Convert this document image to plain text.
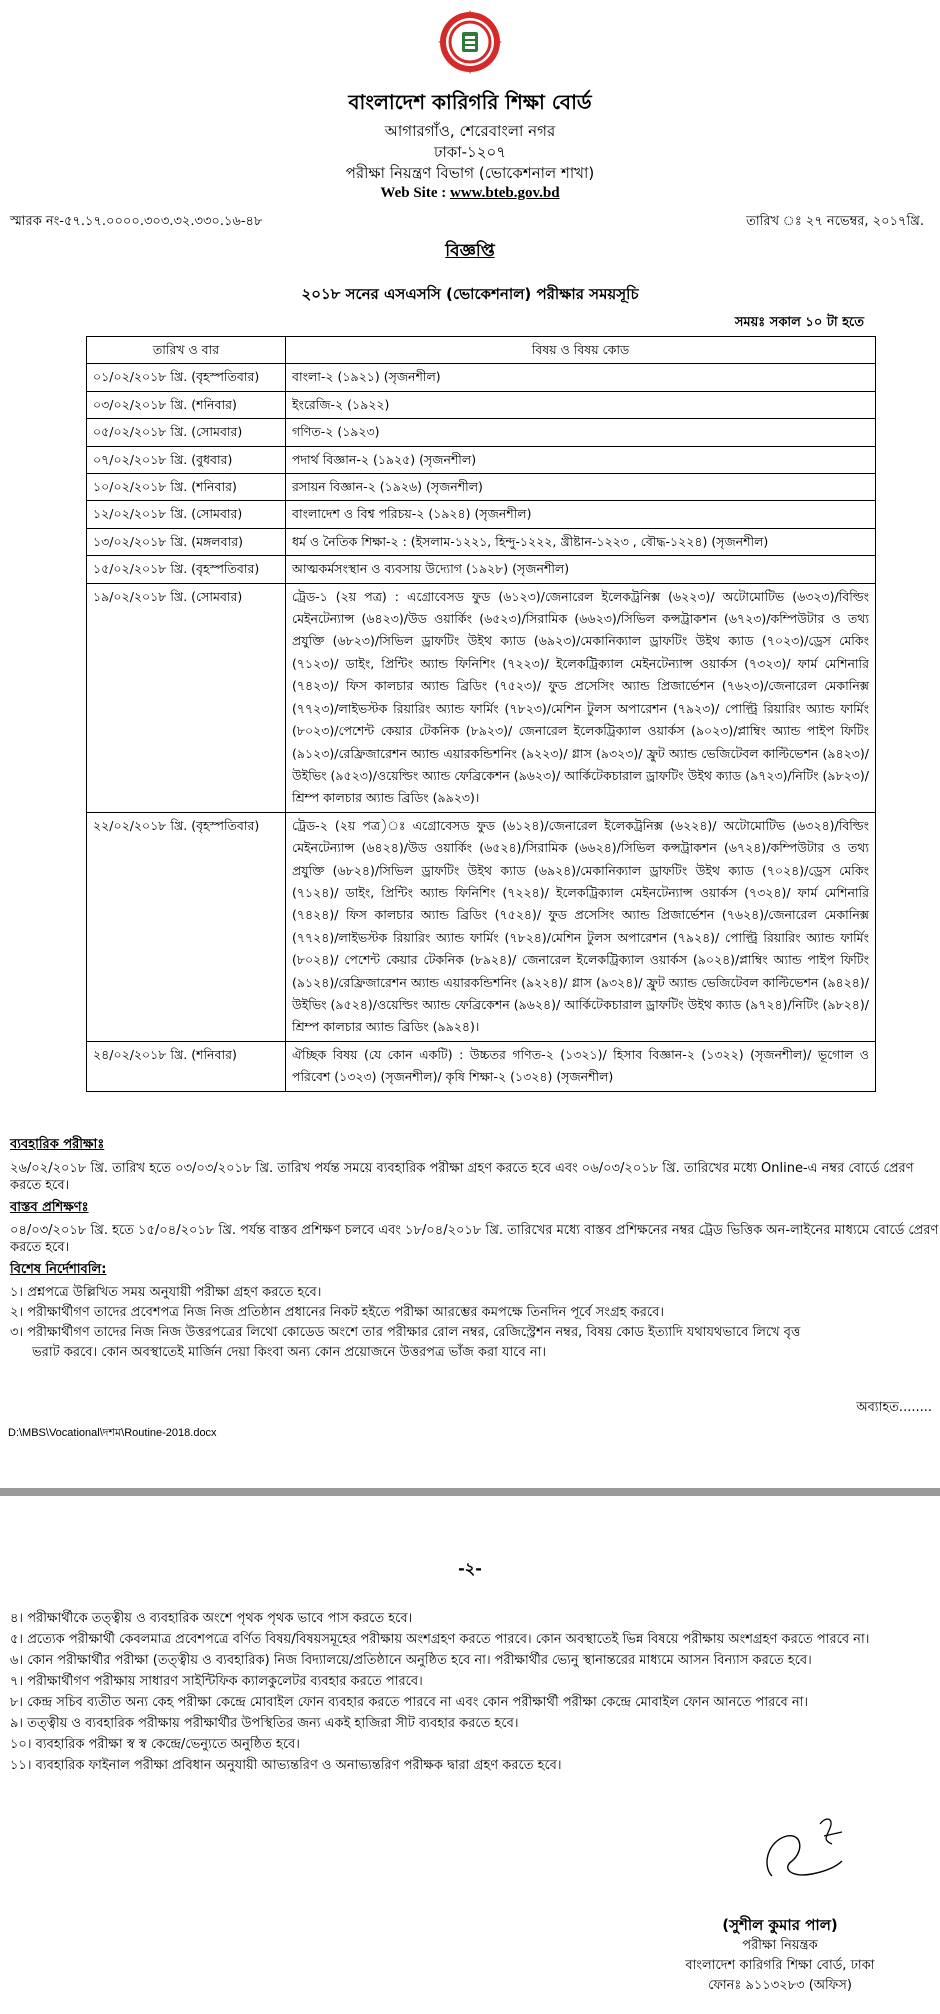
বাংলাদেশ কারিগরি শিক্ষা বোর্ড
আগারগাঁও, শেরেবাংলা নগর
ঢাকা-১২০৭
পরীক্ষা নিয়ন্ত্রণ বিভাগ (ভোকেশনাল শাখা)
Web Site : www.bteb.gov.bd
স্মারক নং-৫৭.১৭.০০০০.৩০৩.৩২.৩৩০.১৬-৪৮	তারিখ ঃ ২৭ নভেম্বর, ২০১৭খ্রি.
বিজ্ঞপ্তি
২০১৮ সনের এসএসসি (ভোকেশনাল) পরীক্ষার সময়সূচি
সময়ঃ সকাল ১০ টা হতে
তারিখ ও বার	বিষয় ও বিষয় কোড
০১/০২/২০১৮ খ্রি. (বৃহস্পতিবার)	বাংলা-২ (১৯২১) (সৃজনশীল)
০৩/০২/২০১৮ খ্রি. (শনিবার)	ইংরেজি-২ (১৯২২)
০৫/০২/২০১৮ খ্রি. (সোমবার)	গণিত-২ (১৯২৩)
০৭/০২/২০১৮ খ্রি. (বুধবার)	পদার্থ বিজ্ঞান-২ (১৯২৫) (সৃজনশীল)
১০/০২/২০১৮ খ্রি. (শনিবার)	রসায়ন বিজ্ঞান-২ (১৯২৬) (সৃজনশীল)
১২/০২/২০১৮ খ্রি. (সোমবার)	বাংলাদেশ ও বিশ্ব পরিচয়-২ (১৯২৪) (সৃজনশীল)
১৩/০২/২০১৮ খ্রি. (মঙ্গলবার)	ধর্ম ও নৈতিক শিক্ষা-২ : (ইসলাম-১২২১, হিন্দু-১২২২, খ্রীষ্টান-১২২৩ , বৌদ্ধ-১২২৪) (সৃজনশীল)
১৫/০২/২০১৮ খ্রি. (বৃহস্পতিবার)	আত্মকর্মসংস্থান ও ব্যবসায় উদ্যোগ (১৯২৮) (সৃজনশীল)
১৯/০২/২০১৮ খ্রি. (সোমবার)	ট্রেড-১ (২য় পত্র) : এগ্রোবেসড ফুড (৬১২৩)/জেনারেল ইলেকট্রনিক্স (৬২২৩)/ অটোমোটিভ (৬৩২৩)/বিল্ডিং মেইনটেন্যান্স (৬৪২৩)/উড ওয়ার্কিং (৬৫২৩)/সিরামিক (৬৬২৩)/সিভিল কন্সট্রাকশন (৬৭২৩)/কম্পিউটার ও তথ্য প্রযুক্তি (৬৮২৩)/সিভিল ড্রাফটিং উইথ ক্যাড (৬৯২৩)/মেকানিক্যাল ড্রাফটিং উইথ ক্যাড (৭০২৩)/ড্রেস মেকিং (৭১২৩)/ ডাইং, প্রিন্টিং অ্যান্ড ফিনিশিং (৭২২৩)/ ইলেকট্রিক্যাল মেইনটেন্যান্স ওয়ার্কস (৭৩২৩)/ ফার্ম মেশিনারি (৭৪২৩)/ ফিস কালচার অ্যান্ড ব্রিডিং (৭৫২৩)/ ফুড প্রসেসিং অ্যান্ড প্রিজার্ভেশন (৭৬২৩)/জেনারেল মেকানিক্স (৭৭২৩)/লাইভস্টক রিয়ারিং অ্যান্ড ফার্মিং (৭৮২৩)/মেশিন টুলস অপারেশন (৭৯২৩)/ পোল্ট্রি রিয়ারিং অ্যান্ড ফার্মিং (৮০২৩)/পেশেন্ট কেয়ার টেকনিক (৮৯২৩)/ জেনারেল ইলেকট্রিক্যাল ওয়ার্কস (৯০২৩)/প্লাম্বিং অ্যান্ড পাইপ ফিটিং (৯১২৩)/রেফ্রিজারেশন অ্যান্ড এয়ারকন্ডিশনিং (৯২২৩)/ গ্লাস (৯৩২৩)/ ফ্রুট অ্যান্ড ভেজিটেবল কাল্টিভেশন (৯৪২৩)/উইভিং (৯৫২৩)/ওয়েল্ডিং অ্যান্ড ফেব্রিকেশন (৯৬২৩)/ আর্কিটেকচারাল ড্রাফটিং উইথ ক্যাড (৯৭২৩)/নিটিং (৯৮২৩)/ শ্রিম্প কালচার অ্যান্ড ব্রিডিং (৯৯২৩)।
২২/০২/২০১৮ খ্রি. (বৃহস্পতিবার)	ট্রেড-২ (২য় পত্র)ঃ এগ্রোবেসড ফুড (৬১২৪)/জেনারেল ইলেকট্রনিক্স (৬২২৪)/ অটোমোটিভ (৬৩২৪)/বিল্ডিং মেইনটেন্যান্স (৬৪২৪)/উড ওয়ার্কিং (৬৫২৪)/সিরামিক (৬৬২৪)/সিভিল কন্সট্রাকশন (৬৭২৪)/কম্পিউটার ও তথ্য প্রযুক্তি (৬৮২৪)/সিভিল ড্রাফটিং উইথ ক্যাড (৬৯২৪)/মেকানিক্যাল ড্রাফটিং উইথ ক্যাড (৭০২৪)/ড্রেস মেকিং (৭১২৪)/ ডাইং, প্রিন্টিং অ্যান্ড ফিনিশিং (৭২২৪)/ ইলেকট্রিক্যাল মেইনটেন্যান্স ওয়ার্কস (৭৩২৪)/ ফার্ম মেশিনারি (৭৪২৪)/ ফিস কালচার অ্যান্ড ব্রিডিং (৭৫২৪)/ ফুড প্রসেসিং অ্যান্ড প্রিজার্ভেশন (৭৬২৪)/জেনারেল মেকানিক্স (৭৭২৪)/লাইভস্টক রিয়ারিং অ্যান্ড ফার্মিং (৭৮২৪)/মেশিন টুলস অপারেশন (৭৯২৪)/ পোল্ট্রি রিয়ারিং অ্যান্ড ফার্মিং (৮০২৪)/ পেশেন্ট কেয়ার টেকনিক (৮৯২৪)/ জেনারেল ইলেকট্রিক্যাল ওয়ার্কস (৯০২৪)/প্লাম্বিং অ্যান্ড পাইপ ফিটিং (৯১২৪)/রেফ্রিজারেশন অ্যান্ড এয়ারকন্ডিশনিং (৯২২৪)/ গ্লাস (৯৩২৪)/ ফ্রুট অ্যান্ড ভেজিটেবল কাল্টিভেশন (৯৪২৪)/উইভিং (৯৫২৪)/ওয়েল্ডিং অ্যান্ড ফেব্রিকেশন (৯৬২৪)/ আর্কিটেকচারাল ড্রাফটিং উইথ ক্যাড (৯৭২৪)/নিটিং (৯৮২৪)/ শ্রিম্প কালচার অ্যান্ড ব্রিডিং (৯৯২৪)।
২৪/০২/২০১৮ খ্রি. (শনিবার)	ঐচ্ছিক বিষয় (যে কোন একটি) : উচ্চতর গণিত-২ (১৩২১)/ হিসাব বিজ্ঞান-২ (১৩২২) (সৃজনশীল)/ ভূগোল ও পরিবেশ (১৩২৩) (সৃজনশীল)/ কৃষি শিক্ষা-২ (১৩২৪) (সৃজনশীল)
ব্যবহারিক পরীক্ষাঃ
২৬/০২/২০১৮ খ্রি. তারিখ হতে ০৩/০৩/২০১৮ খ্রি. তারিখ পর্যন্ত সময়ে ব্যবহারিক পরীক্ষা গ্রহণ করতে হবে এবং ০৬/০৩/২০১৮ খ্রি. তারিখের মধ্যে Online-এ নম্বর বোর্ডে প্রেরণ করতে হবে।
বাস্তব প্রশিক্ষণঃ
০৪/০৩/২০১৮ খ্রি. হতে ১৫/০৪/২০১৮ খ্রি. পর্যন্ত বাস্তব প্রশিক্ষণ চলবে এবং ১৮/০৪/২০১৮ খ্রি. তারিখের মধ্যে বাস্তব প্রশিক্ষনের নম্বর ট্রেড ভিত্তিক অন-লাইনের মাধ্যমে বোর্ডে প্রেরণ করতে হবে।
বিশেষ নির্দেশাবলি:
১। প্রশ্নপত্রে উল্লিখিত সময় অনুযায়ী পরীক্ষা গ্রহণ করতে হবে।
২। পরীক্ষার্থীগণ তাদের প্রবেশপত্র নিজ নিজ প্রতিষ্ঠান প্রধানের নিকট হইতে পরীক্ষা আরম্ভের কমপক্ষে তিনদিন পূর্বে সংগ্রহ করবে।
৩। পরীক্ষার্থীগণ তাদের নিজ নিজ উত্তরপত্রের লিথো কোডেড অংশে তার পরীক্ষার রোল নম্বর, রেজিস্ট্রেশন নম্বর, বিষয় কোড ইত্যাদি যথাযথভাবে লিখে বৃত্ত
ভরাট করবে। কোন অবস্থাতেই মার্জিন দেয়া কিংবা অন্য কোন প্রয়োজনে উত্তরপত্র ভাঁজ করা যাবে না।
অব্যাহত........
D:\MBS\Vocational\দশম\Routine-2018.docx
-২-
৪। পরীক্ষার্থীকে তত্ত্বীয় ও ব্যবহারিক অংশে পৃথক পৃথক ভাবে পাস করতে হবে।
৫। প্রত্যেক পরীক্ষার্থী কেবলমাত্র প্রবেশপত্রে বর্ণিত বিষয়/বিষয়সমূহের পরীক্ষায় অংশগ্রহণ করতে পারবে। কোন অবস্থাতেই ভিন্ন বিষয়ে পরীক্ষায় অংশগ্রহণ করতে পারবে না।
৬। কোন পরীক্ষার্থীর পরীক্ষা (তত্ত্বীয় ও ব্যবহারিক) নিজ বিদ্যালয়ে/প্রতিষ্ঠানে অনুষ্ঠিত হবে না। পরীক্ষার্থীর ভ্যেনু স্থানান্তরের মাধ্যমে আসন বিন্যাস করতে হবে।
৭। পরীক্ষার্থীগণ পরীক্ষায় সাধারণ সাইন্টিফিক ক্যালকুলেটর ব্যবহার করতে পারবে।
৮। কেন্দ্র সচিব ব্যতীত অন্য কেহ পরীক্ষা কেন্দ্রে মোবাইল ফোন ব্যবহার করতে পারবে না এবং কোন পরীক্ষার্থী পরীক্ষা কেন্দ্রে মোবাইল ফোন আনতে পারবে না।
৯। তত্ত্বীয় ও ব্যবহারিক পরীক্ষায় পরীক্ষার্থীর উপস্থিতির জন্য একই হাজিরা সীট ব্যবহার করতে হবে।
১০। ব্যবহারিক পরীক্ষা স্ব স্ব কেন্দ্রে/ভেন্যুতে অনুষ্ঠিত হবে।
১১। ব্যবহারিক ফাইনাল পরীক্ষা প্রবিধান অনুযায়ী আভ্যন্তরিণ ও অনাভ্যন্তরিণ পরীক্ষক দ্বারা গ্রহণ করতে হবে।
(সুশীল কুমার পাল)
পরীক্ষা নিয়ন্ত্রক
বাংলাদেশ কারিগরি শিক্ষা বোর্ড, ঢাকা
ফোনঃ ৯১১৩২৮৩ (অফিস)
